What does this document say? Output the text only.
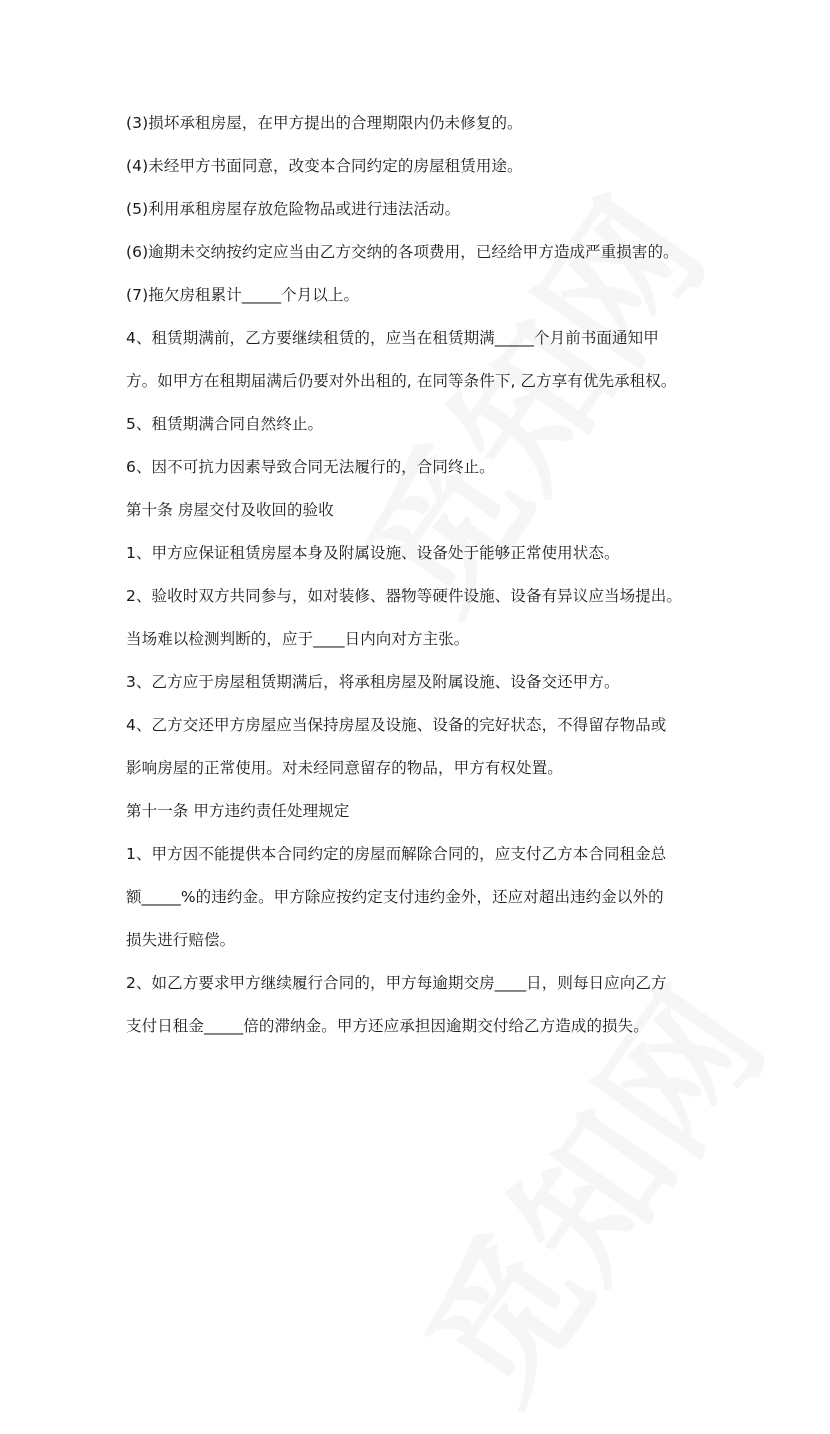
(3)损坏承租房屋，在甲方提出的合理期限内仍未修复的。
(4)未经甲方书面同意，改变本合同约定的房屋租赁用途。
(5)利用承租房屋存放危险物品或进行违法活动。
(6)逾期未交纳按约定应当由乙方交纳的各项费用，已经给甲方造成严重损害的。
(7)拖欠房租累计_____个月以上。
4、租赁期满前，乙方要继续租赁的，应当在租赁期满_____个月前书面通知甲
方。如甲方在租期届满后仍要对外出租的, 在同等条件下, 乙方享有优先承租权。
5、租赁期满合同自然终止。
6、因不可抗力因素导致合同无法履行的，合同终止。
第十条 房屋交付及收回的验收
1、甲方应保证租赁房屋本身及附属设施、设备处于能够正常使用状态。
2、验收时双方共同参与，如对装修、器物等硬件设施、设备有异议应当场提出。
当场难以检测判断的，应于____日内向对方主张。
3、乙方应于房屋租赁期满后，将承租房屋及附属设施、设备交还甲方。
4、乙方交还甲方房屋应当保持房屋及设施、设备的完好状态，不得留存物品或
影响房屋的正常使用。对未经同意留存的物品，甲方有权处置。
第十一条 甲方违约责任处理规定
1、甲方因不能提供本合同约定的房屋而解除合同的，应支付乙方本合同租金总
额_____%的违约金。甲方除应按约定支付违约金外，还应对超出违约金以外的
损失进行赔偿。
2、如乙方要求甲方继续履行合同的，甲方每逾期交房____日，则每日应向乙方
支付日租金_____倍的滞纳金。甲方还应承担因逾期交付给乙方造成的损失。
